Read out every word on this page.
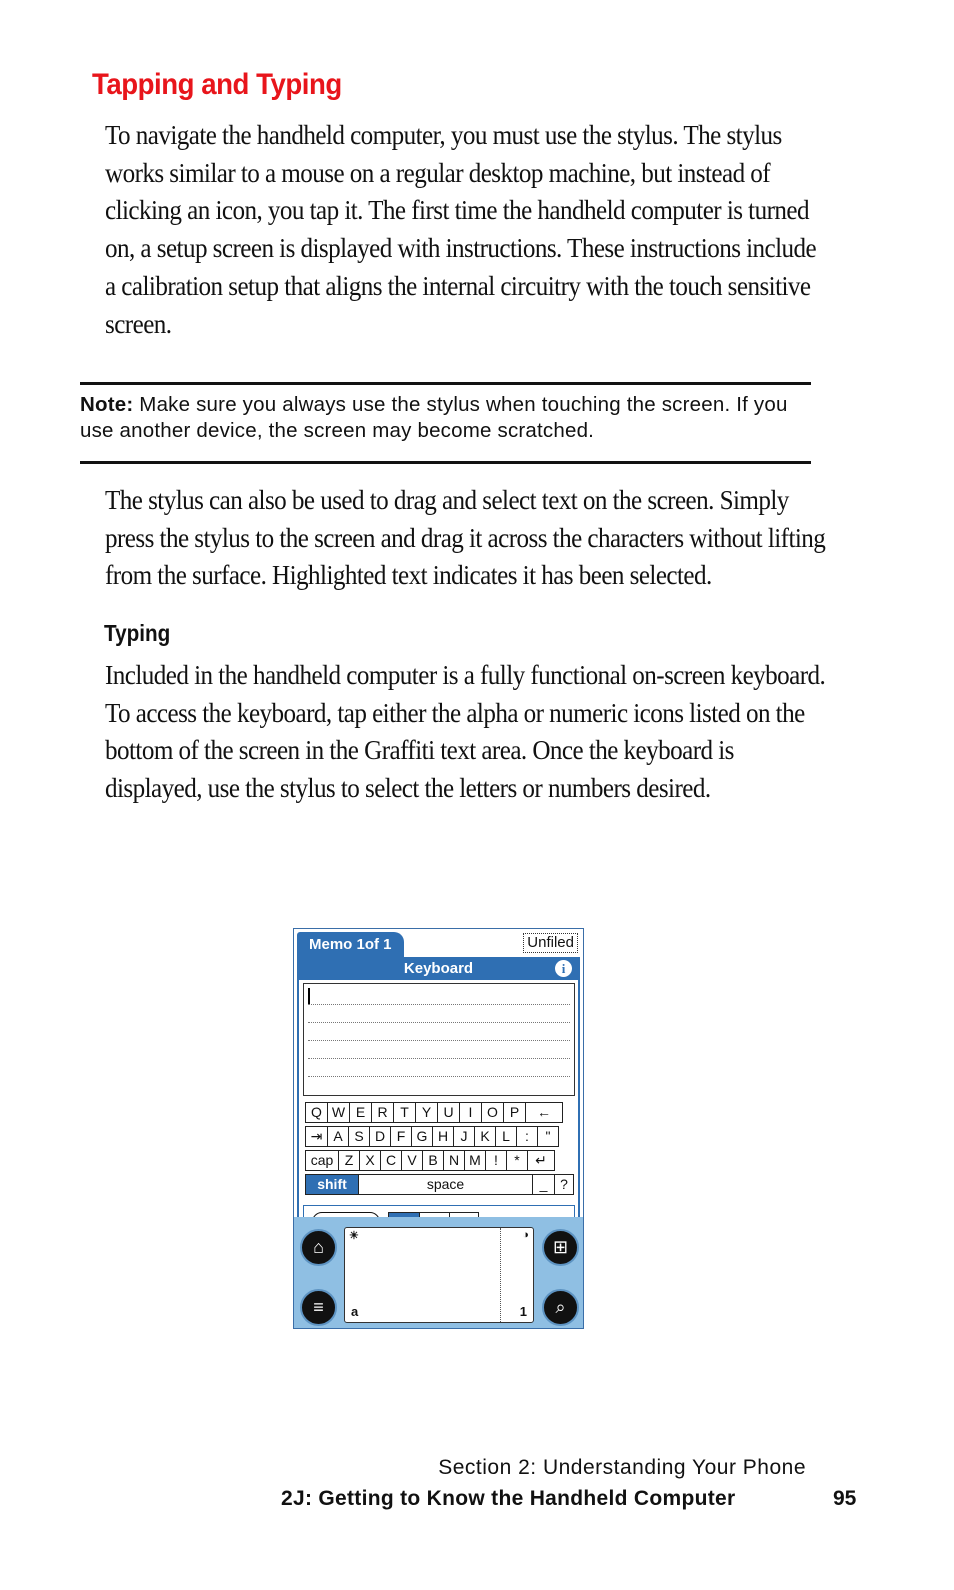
Tapping and Typing
To navigate the handheld computer, you must use the stylus. The stylus works similar to a mouse on a regular desktop machine, but instead of clicking an icon, you tap it. The first time the handheld computer is turned on, a setup screen is displayed with instructions. These instructions include a calibration setup that aligns the internal circuitry with the touch sensitive screen.
Note: Make sure you always use the stylus when touching the screen. If you use another device, the screen may become scratched.
The stylus can also be used to drag and select text on the screen. Simply press the stylus to the screen and drag it across the characters without lifting from the surface. Highlighted text indicates it has been selected.
Typing
Included in the handheld computer is a fully functional on-screen keyboard. To access the keyboard, tap either the alpha or numeric icons listed on the bottom of the screen in the Graffiti text area. Once the keyboard is displayed, use the stylus to select the letters or numbers desired.
Memo 1of 1	Unfiled
Keyboard	i
Q W E R T Y U	I	O P	←
⇥ A S D F G H J K L	:	"
cap Z X C V B N M !	*	↵
shift	space	_ ?
⌂
≡
☀	◑
a	1
⊞
⌕
Section 2: Understanding Your Phone
2J: Getting to Know the Handheld Computer	95
